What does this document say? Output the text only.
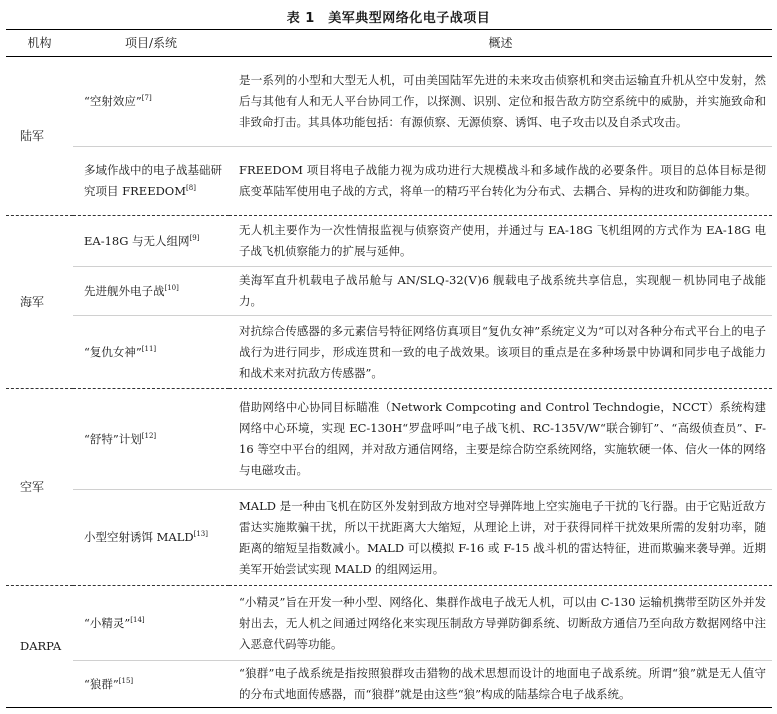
表 1　美军典型网络化电子战项目
机构	项目/系统	概述
陆军	“空射效应”[7]	是一系列的小型和大型无人机，可由美国陆军先进的未来攻击侦察机和突击运输直升机从空中发射，然后与其他有人和无人平台协同工作，以探测、识别、定位和报告敌方防空系统中的威胁，并实施致命和非致命打击。其具体功能包括：有源侦察、无源侦察、诱饵、电子攻击以及自杀式攻击。
	多域作战中的电子战基础研究项目 FREEDOM[8]	FREEDOM 项目将电子战能力视为成功进行大规模战斗和多域作战的必要条件。项目的总体目标是彻底变革陆军使用电子战的方式，将单一的精巧平台转化为分布式、去耦合、异构的进攻和防御能力集。
海军	EA-18G 与无人组网[9]	无人机主要作为一次性情报监视与侦察资产使用，并通过与 EA-18G 飞机组网的方式作为 EA-18G 电子战飞机侦察能力的扩展与延伸。
	先进舰外电子战[10]	美海军直升机载电子战吊舱与 AN/SLQ-32(Ⅴ)6 舰载电子战系统共享信息，实现舰－机协同电子战能力。
	“复仇女神”[11]	对抗综合传感器的多元素信号特征网络仿真项目“复仇女神”系统定义为“可以对各种分布式平台上的电子战行为进行同步，形成连贯和一致的电子战效果。该项目的重点是在多种场景中协调和同步电子战能力和战术来对抗敌方传感器”。
空军	“舒特”计划[12]	借助网络中心协同目标瞄准（Network Compcoting and Control Techndogie，NCCT）系统构建网络中心环境，实现 EC-130H“罗盘呼叫”电子战飞机、RC-135V/W“联合铆钉”、“高级侦查员”、F-16 等空中平台的组网，并对敌方通信网络，主要是综合防空系统网络，实施软硬一体、信火一体的网络与电磁攻击。
	小型空射诱饵 MALD[13]	MALD 是一种由飞机在防区外发射到敌方地对空导弹阵地上空实施电子干扰的飞行器。由于它贴近敌方雷达实施欺骗干扰，所以干扰距离大大缩短，从理论上讲，对于获得同样干扰效果所需的发射功率，随距离的缩短呈指数减小。MALD 可以模拟 F-16 或 F-15 战斗机的雷达特征，进而欺骗来袭导弹。近期美军开始尝试实现 MALD 的组网运用。
DARPA	“小精灵”[14]	“小精灵”旨在开发一种小型、网络化、集群作战电子战无人机，可以由 C-130 运输机携带至防区外并发射出去，无人机之间通过网络化来实现压制敌方导弹防御系统、切断敌方通信乃至向敌方数据网络中注入恶意代码等功能。
	“狼群”[15]	“狼群”电子战系统是指按照狼群攻击猎物的战术思想而设计的地面电子战系统。所谓“狼”就是无人值守的分布式地面传感器，而“狼群”就是由这些“狼”构成的陆基综合电子战系统。
